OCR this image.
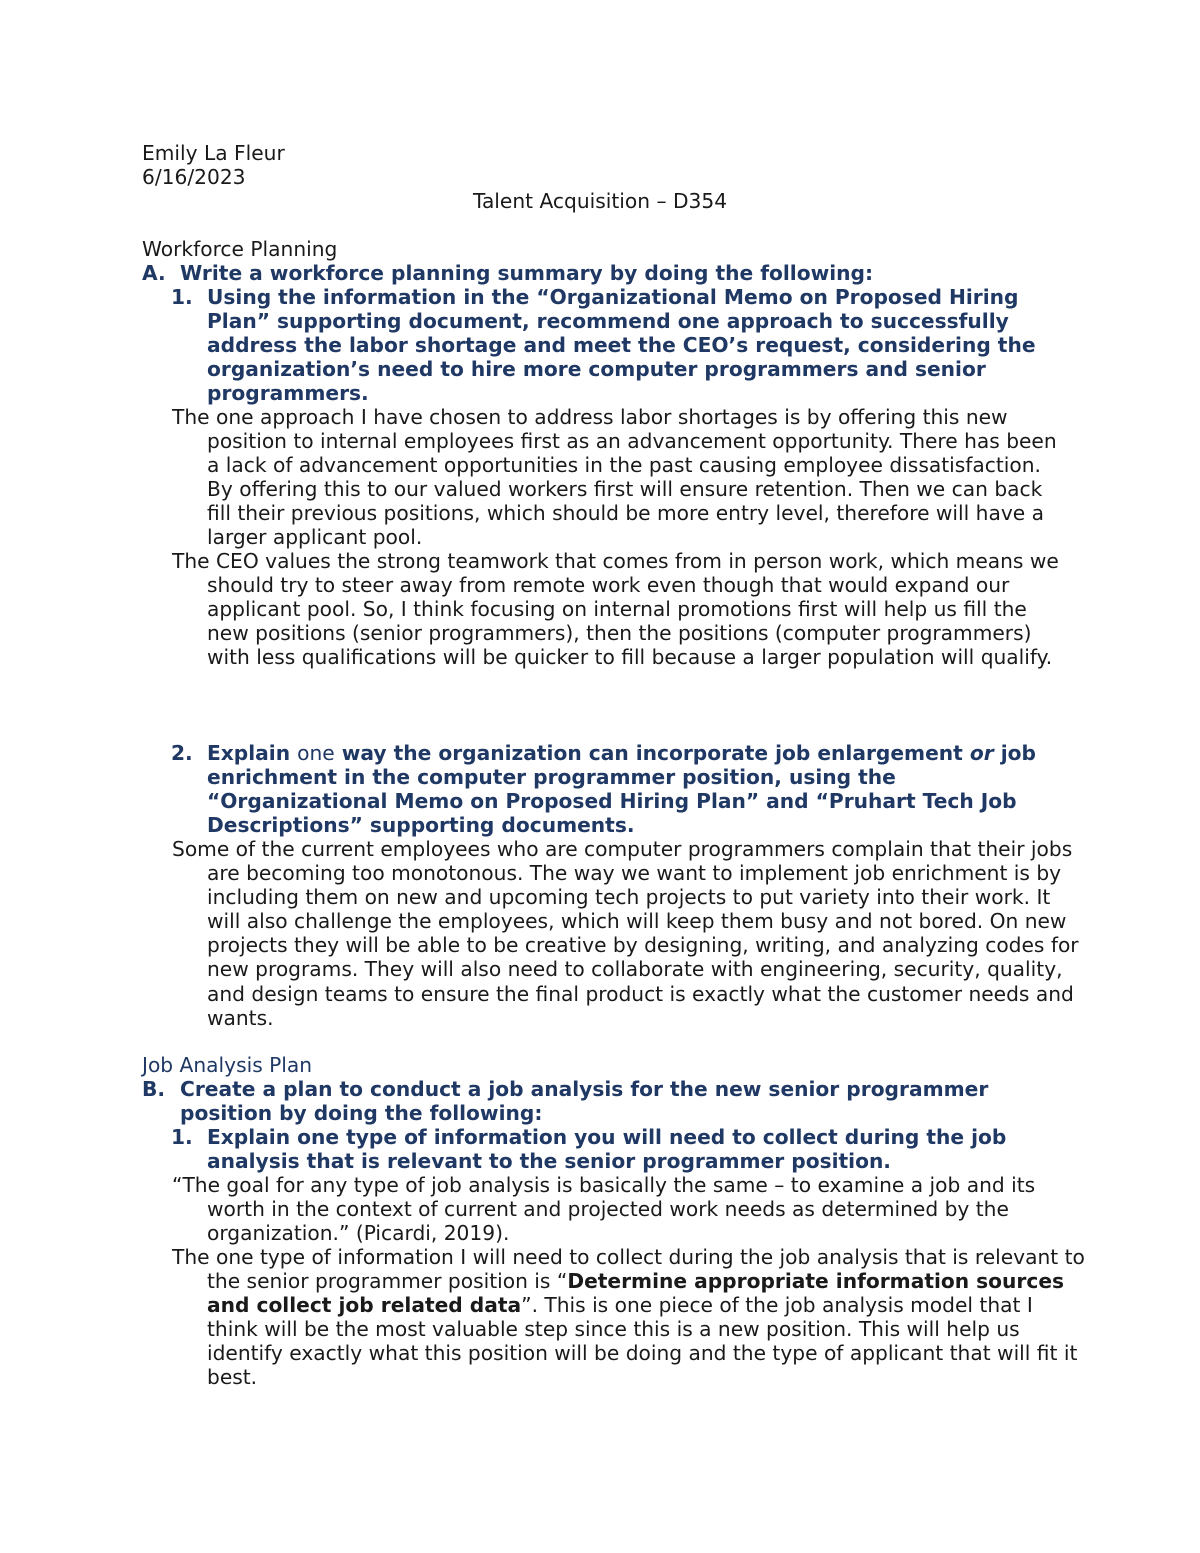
Emily La Fleur

6/16/2023

Talent Acquisition – D354

Workforce Planning

A. Write a workforce planning summary by doing the following:
1. Using the information in the “Organizational Memo on Proposed Hiring Plan” supporting document, recommend one approach to successfully address the labor shortage and meet the CEO’s request, considering the organization’s need to hire more computer programmers and senior programmers.

The one approach I have chosen to address labor shortages is by offering this new position to internal employees first as an advancement opportunity. There has been a lack of advancement opportunities in the past causing employee dissatisfaction. By offering this to our valued workers first will ensure retention. Then we can back fill their previous positions, which should be more entry level, therefore will have a larger applicant pool.

The CEO values the strong teamwork that comes from in person work, which means we should try to steer away from remote work even though that would expand our applicant pool. So, I think focusing on internal promotions first will help us fill the new positions (senior programmers), then the positions (computer programmers) with less qualifications will be quicker to fill because a larger population will qualify.

2. Explain one way the organization can incorporate job enlargement or job enrichment in the computer programmer position, using the “Organizational Memo on Proposed Hiring Plan” and “Pruhart Tech Job Descriptions” supporting documents.

Some of the current employees who are computer programmers complain that their jobs are becoming too monotonous. The way we want to implement job enrichment is by including them on new and upcoming tech projects to put variety into their work. It will also challenge the employees, which will keep them busy and not bored. On new projects they will be able to be creative by designing, writing, and analyzing codes for new programs. They will also need to collaborate with engineering, security, quality, and design teams to ensure the final product is exactly what the customer needs and wants.

Job Analysis Plan

B. Create a plan to conduct a job analysis for the new senior programmer position by doing the following:
1. Explain one type of information you will need to collect during the job analysis that is relevant to the senior programmer position.

“The goal for any type of job analysis is basically the same – to examine a job and its worth in the context of current and projected work needs as determined by the organization.” (Picardi, 2019).

The one type of information I will need to collect during the job analysis that is relevant to the senior programmer position is “Determine appropriate information sources and collect job related data”. This is one piece of the job analysis model that I think will be the most valuable step since this is a new position. This will help us identify exactly what this position will be doing and the type of applicant that will fit it best.
